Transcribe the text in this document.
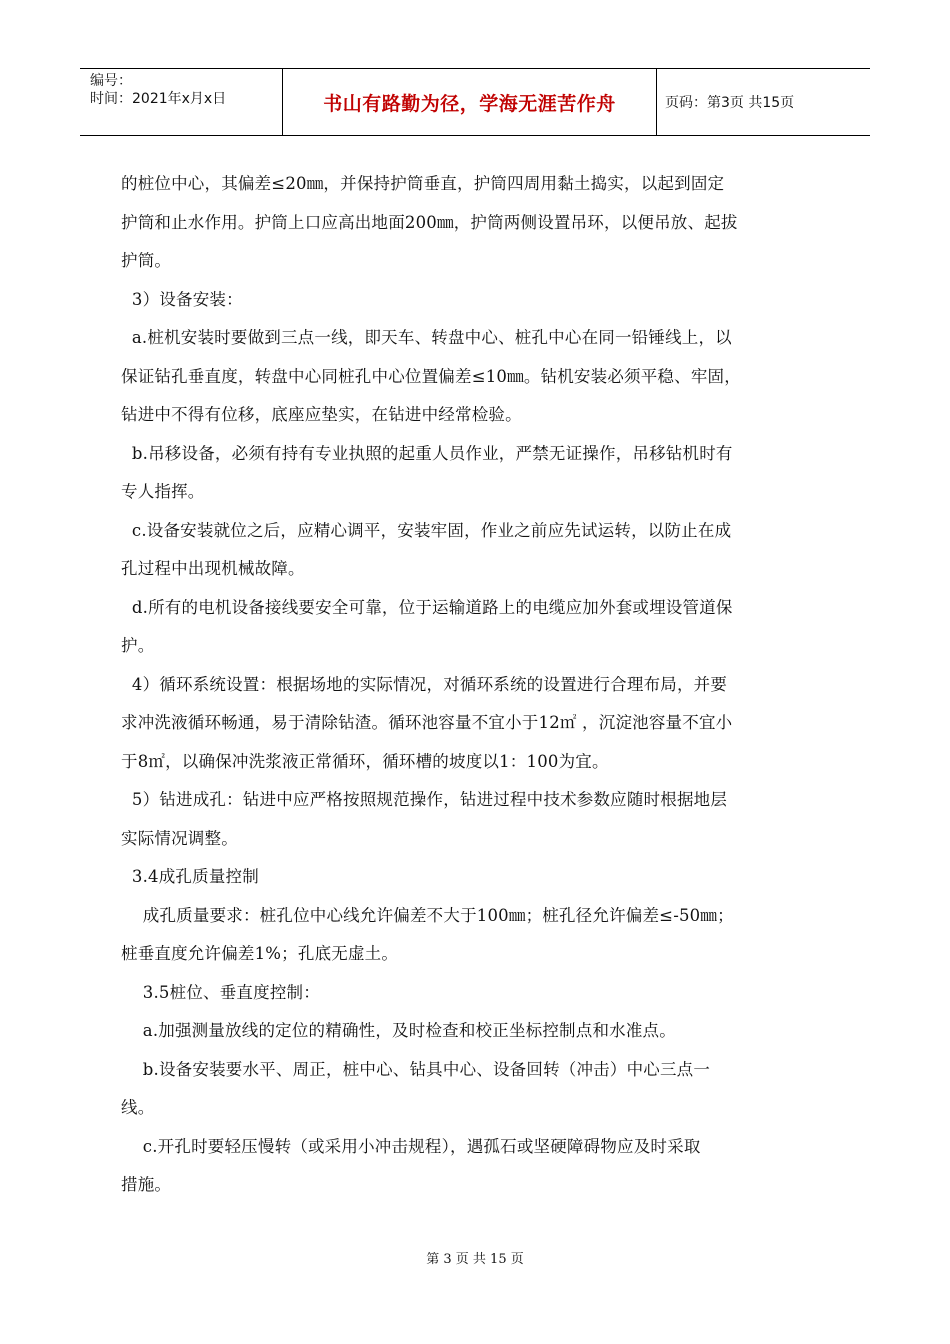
编号：
时间：2021年x月x日	书山有路勤为径，学海无涯苦作舟	页码：第3页 共15页

的桩位中心，其偏差≤20㎜，并保持护筒垂直，护筒四周用黏土捣实，以起到固定

护筒和止水作用。护筒上口应高出地面200㎜，护筒两侧设置吊环，以便吊放、起拔

护筒。

3）设备安装：

a.桩机安装时要做到三点一线，即天车、转盘中心、桩孔中心在同一铅锤线上，以

保证钻孔垂直度，转盘中心同桩孔中心位置偏差≤10㎜。钻机安装必须平稳、牢固，

钻进中不得有位移，底座应垫实，在钻进中经常检验。

b.吊移设备，必须有持有专业执照的起重人员作业，严禁无证操作，吊移钻机时有

专人指挥。

c.设备安装就位之后，应精心调平，安装牢固，作业之前应先试运转，以防止在成

孔过程中出现机械故障。

d.所有的电机设备接线要安全可靠，位于运输道路上的电缆应加外套或埋设管道保

护。

4）循环系统设置：根据场地的实际情况，对循环系统的设置进行合理布局，并要

求冲洗液循环畅通，易于清除钻渣。循环池容量不宜小于12㎡ ，沉淀池容量不宜小

于8㎡，以确保冲洗浆液正常循环，循环槽的坡度以1：100为宜。

5）钻进成孔：钻进中应严格按照规范操作，钻进过程中技术参数应随时根据地层

实际情况调整。

3.4成孔质量控制

成孔质量要求：桩孔位中心线允许偏差不大于100㎜；桩孔径允许偏差≤-50㎜；

桩垂直度允许偏差1%；孔底无虚土。

3.5桩位、垂直度控制：

a.加强测量放线的定位的精确性，及时检查和校正坐标控制点和水准点。

b.设备安装要水平、周正，桩中心、钻具中心、设备回转（冲击）中心三点一

线。

c.开孔时要轻压慢转（或采用小冲击规程），遇孤石或坚硬障碍物应及时采取

措施。

第 3 页 共 15 页
